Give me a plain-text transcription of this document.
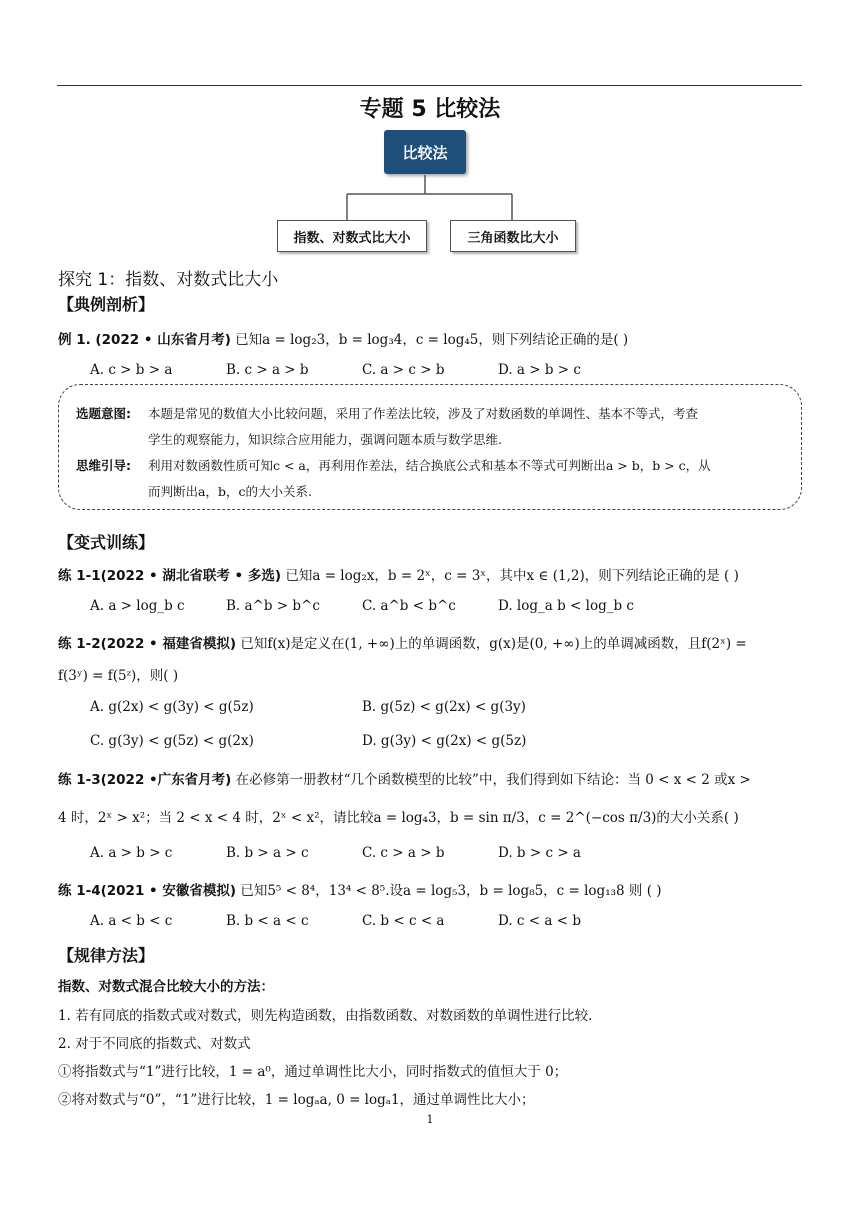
专题 5 比较法
比较法
指数、对数式比大小	三角函数比大小
探究 1：指数、对数式比大小
【典例剖析】
例 1. (2022 • 山东省月考) 已知a = log₂3，b = log₃4，c = log₄5，则下列结论正确的是( )
A. c > b > a	B. c > a > b	C. a > c > b	D. a > b > c
选题意图: 本题是常见的数值大小比较问题，采用了作差法比较，涉及了对数函数的单调性、基本不等式，考查
学生的观察能力，知识综合应用能力，强调问题本质与数学思维.
思维引导: 利用对数函数性质可知c < a，再利用作差法，结合换底公式和基本不等式可判断出a > b，b > c，从
而判断出a，b，c的大小关系.
【变式训练】
练 1-1(2022 • 湖北省联考 • 多选) 已知a = log₂x，b = 2ˣ，c = 3ˣ，其中x ∈ (1,2)，则下列结论正确的是 ( )
A. a > log_b c	B. a^b > b^c	C. a^b < b^c	D. log_a b < log_b c
练 1-2(2022 • 福建省模拟) 已知f(x)是定义在(1, +∞)上的单调函数，g(x)是(0, +∞)上的单调减函数，且f(2ˣ) =
f(3ʸ) = f(5ᶻ)，则( )
A. g(2x) < g(3y) < g(5z)	B. g(5z) < g(2x) < g(3y)
C. g(3y) < g(5z) < g(2x)	D. g(3y) < g(2x) < g(5z)
练 1-3(2022 •广东省月考) 在必修第一册教材“几个函数模型的比较”中，我们得到如下结论：当 0 < x < 2 或x >
4 时，2ˣ > x²；当 2 < x < 4 时，2ˣ < x²，请比较a = log₄3，b = sin π/3，c = 2^(−cos π/3)的大小关系( )
A. a > b > c	B. b > a > c	C. c > a > b	D. b > c > a
练 1-4(2021 • 安徽省模拟) 已知5⁵ < 8⁴，13⁴ < 8⁵.设a = log₅3，b = log₈5，c = log₁₃8 则 ( )
A. a < b < c	B. b < a < c	C. b < c < a	D. c < a < b
【规律方法】
指数、对数式混合比较大小的方法：
1. 若有同底的指数式或对数式，则先构造函数，由指数函数、对数函数的单调性进行比较.
2. 对于不同底的指数式、对数式
①将指数式与“1”进行比较，1 = a⁰，通过单调性比大小，同时指数式的值恒大于 0；
②将对数式与“0”，“1”进行比较，1 = logₐa, 0 = logₐ1，通过单调性比大小；
1
